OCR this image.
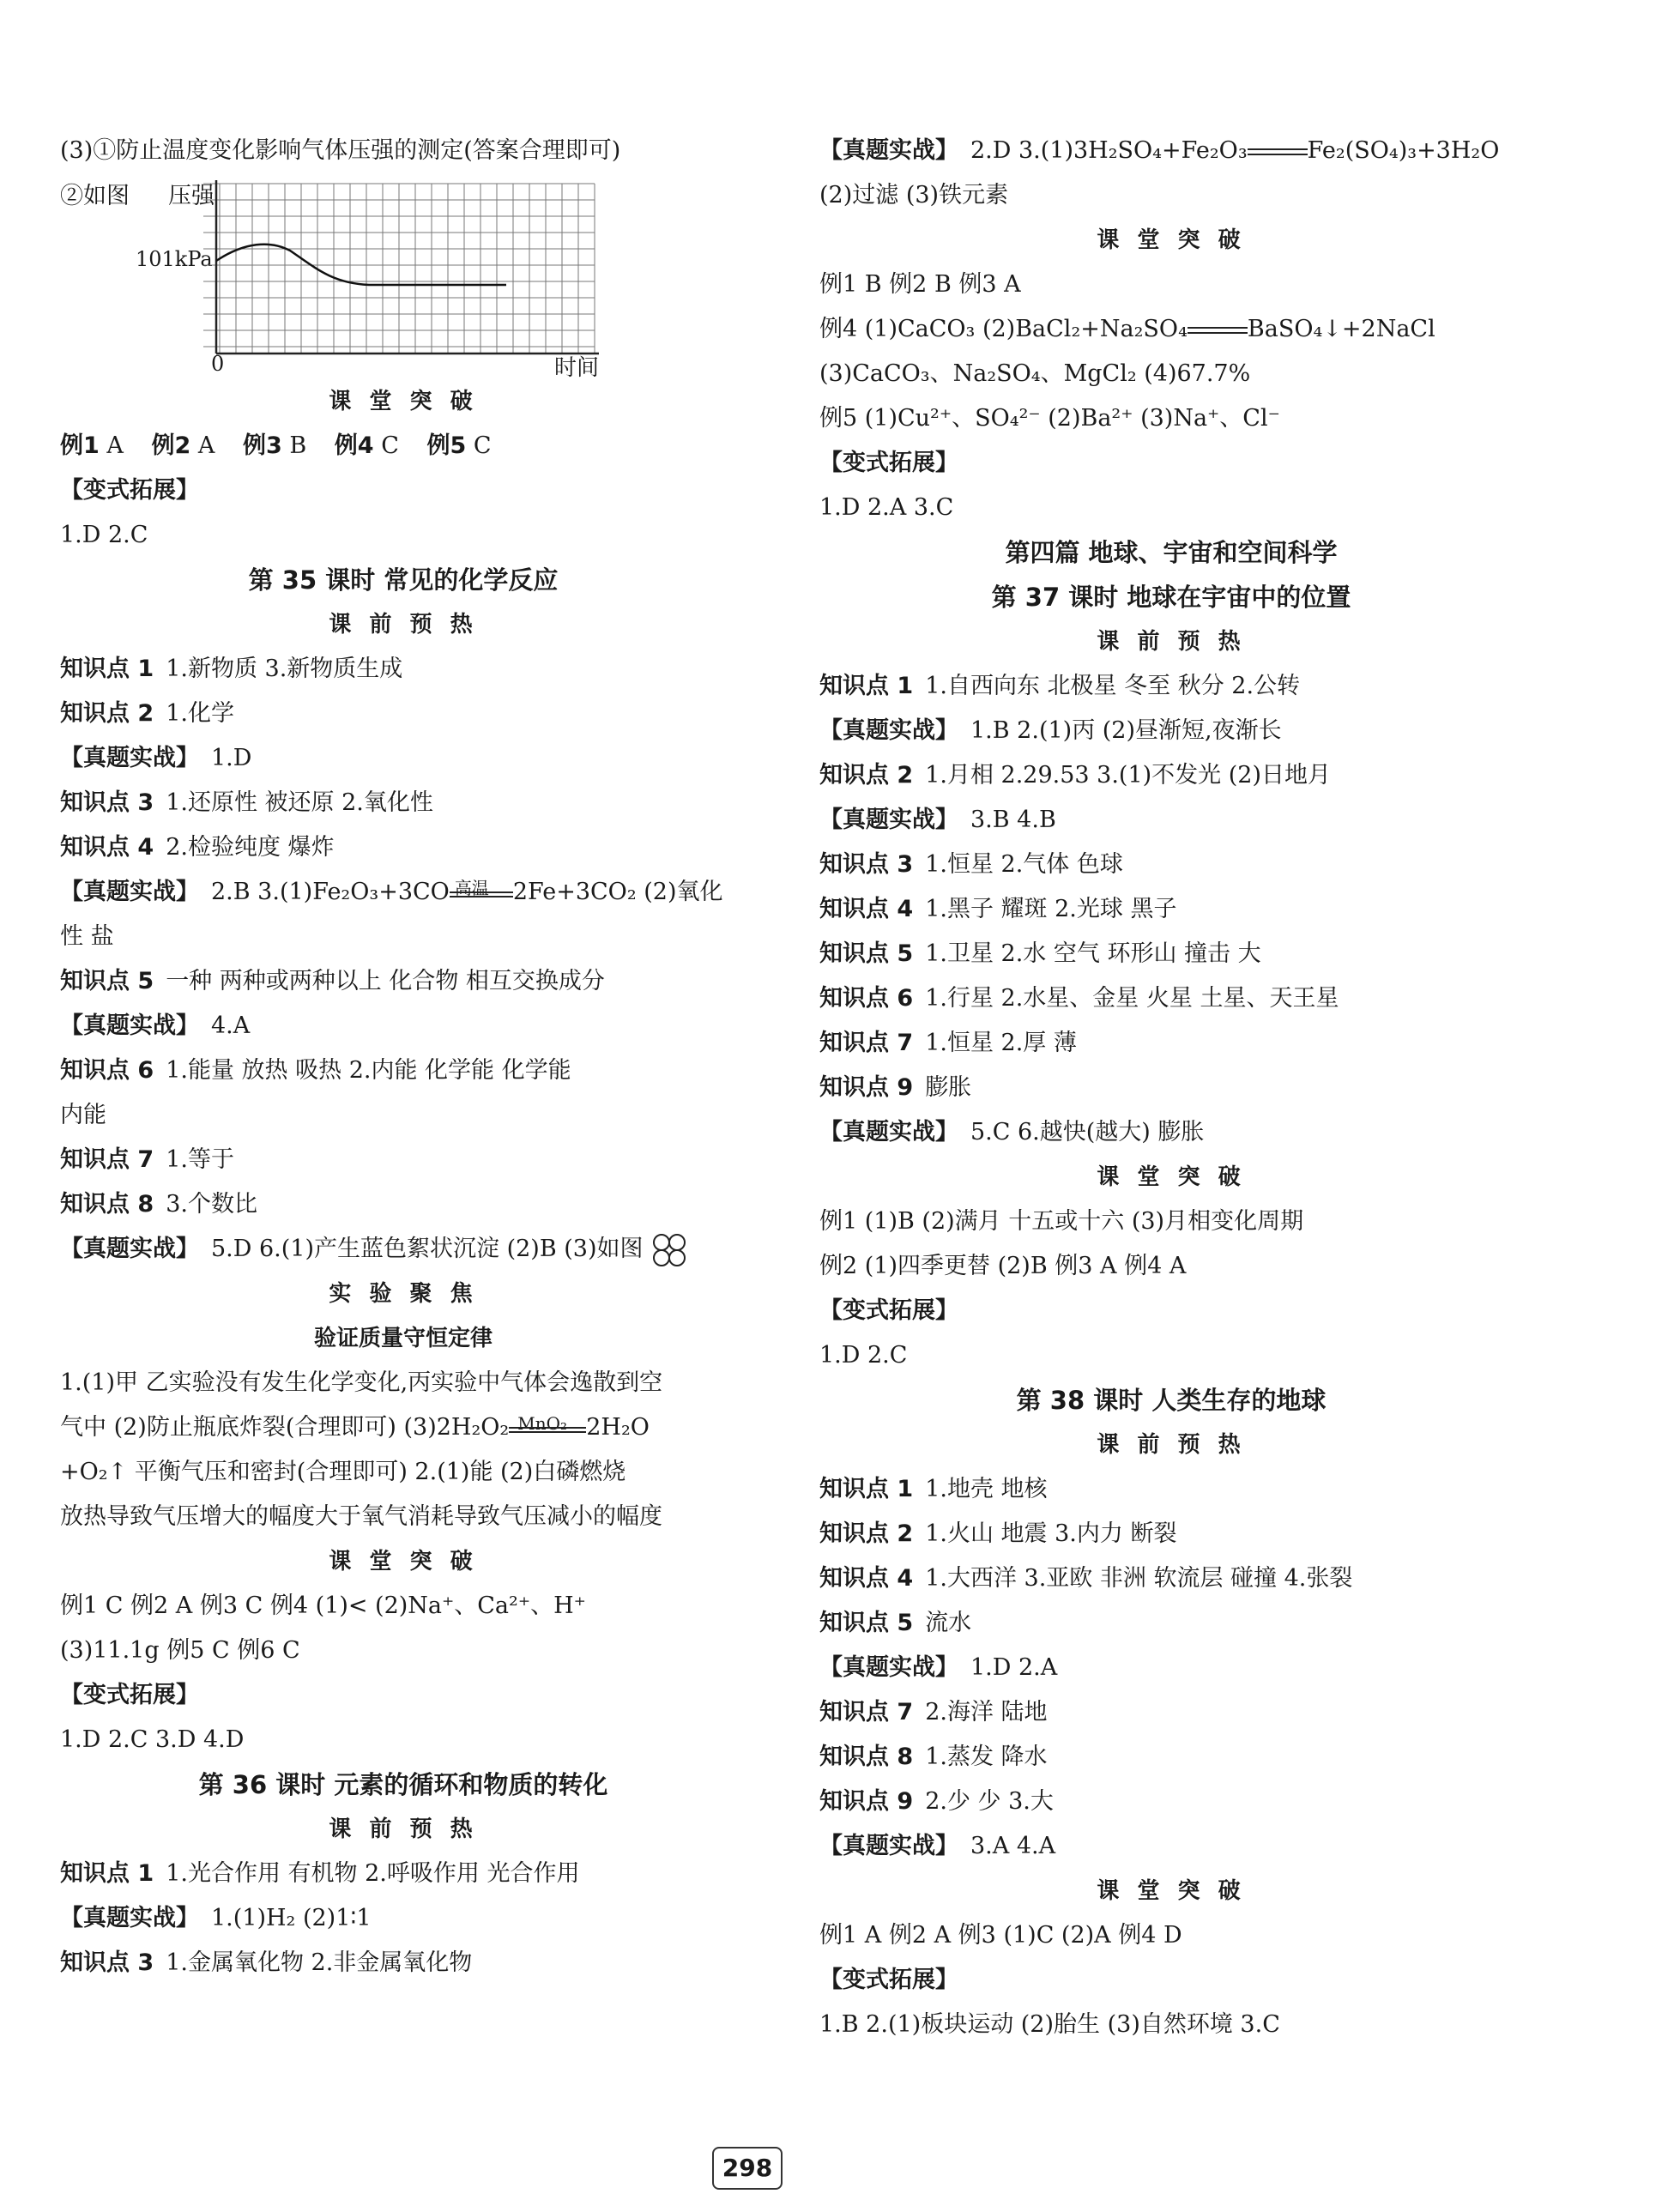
(3)①防止温度变化影响气体压强的测定(答案合理即可)
②如图 压强
101kPa
0	时间
课 堂 突 破
例1 A 例2 A 例3 B 例4 C 例5 C
【变式拓展】
1.D 2.C
第 35 课时 常见的化学反应
课 前 预 热
知识点 1 1.新物质 3.新物质生成
知识点 2 1.化学
【真题实战】 1.D
知识点 3 1.还原性 被还原 2.氧化性
知识点 4 2.检验纯度 爆炸
【真题实战】 2.B 3.(1)Fe₂O₃+3CO 高温 2Fe+3CO₂ (2)氧化
性 盐
知识点 5 一种 两种或两种以上 化合物 相互交换成分
【真题实战】 4.A
知识点 6 1.能量 放热 吸热 2.内能 化学能 化学能
内能
知识点 7 1.等于
知识点 8 3.个数比
【真题实战】 5.D 6.(1)产生蓝色絮状沉淀 (2)B (3)如图
实 验 聚 焦
验证质量守恒定律
1.(1)甲 乙实验没有发生化学变化,丙实验中气体会逸散到空
气中 (2)防止瓶底炸裂(合理即可) (3)2H₂O₂ MnO₂ 2H₂O
+O₂↑ 平衡气压和密封(合理即可) 2.(1)能 (2)白磷燃烧
放热导致气压增大的幅度大于氧气消耗导致气压减小的幅度
课 堂 突 破
例1 C 例2 A 例3 C 例4 (1)< (2)Na⁺、Ca²⁺、H⁺
(3)11.1g 例5 C 例6 C
【变式拓展】
1.D 2.C 3.D 4.D
第 36 课时 元素的循环和物质的转化
课 前 预 热
知识点 1 1.光合作用 有机物 2.呼吸作用 光合作用
【真题实战】 1.(1)H₂ (2)1∶1
知识点 3 1.金属氧化物 2.非金属氧化物
【真题实战】 2.D 3.(1)3H₂SO₄+Fe₂O₃	Fe₂(SO₄)₃+3H₂O
(2)过滤 (3)铁元素
课 堂 突 破
例1 B 例2 B 例3 A
例4 (1)CaCO₃ (2)BaCl₂+Na₂SO₄	BaSO₄↓+2NaCl
(3)CaCO₃、Na₂SO₄、MgCl₂ (4)67.7%
例5 (1)Cu²⁺、SO₄²⁻ (2)Ba²⁺ (3)Na⁺、Cl⁻
【变式拓展】
1.D 2.A 3.C
第四篇 地球、宇宙和空间科学
第 37 课时 地球在宇宙中的位置
课 前 预 热
知识点 1 1.自西向东 北极星 冬至 秋分 2.公转
【真题实战】 1.B 2.(1)丙 (2)昼渐短,夜渐长
知识点 2 1.月相 2.29.53 3.(1)不发光 (2)日地月
【真题实战】 3.B 4.B
知识点 3 1.恒星 2.气体 色球
知识点 4 1.黑子 耀斑 2.光球 黑子
知识点 5 1.卫星 2.水 空气 环形山 撞击 大
知识点 6 1.行星 2.水星、金星 火星 土星、天王星
知识点 7 1.恒星 2.厚 薄
知识点 9 膨胀
【真题实战】 5.C 6.越快(越大) 膨胀
课 堂 突 破
例1 (1)B (2)满月 十五或十六 (3)月相变化周期
例2 (1)四季更替 (2)B 例3 A 例4 A
【变式拓展】
1.D 2.C
第 38 课时 人类生存的地球
课 前 预 热
知识点 1 1.地壳 地核
知识点 2 1.火山 地震 3.内力 断裂
知识点 4 1.大西洋 3.亚欧 非洲 软流层 碰撞 4.张裂
知识点 5 流水
【真题实战】 1.D 2.A
知识点 7 2.海洋 陆地
知识点 8 1.蒸发 降水
知识点 9 2.少 少 3.大
【真题实战】 3.A 4.A
课 堂 突 破
例1 A 例2 A 例3 (1)C (2)A 例4 D
【变式拓展】
1.B 2.(1)板块运动 (2)胎生 (3)自然环境 3.C
298
